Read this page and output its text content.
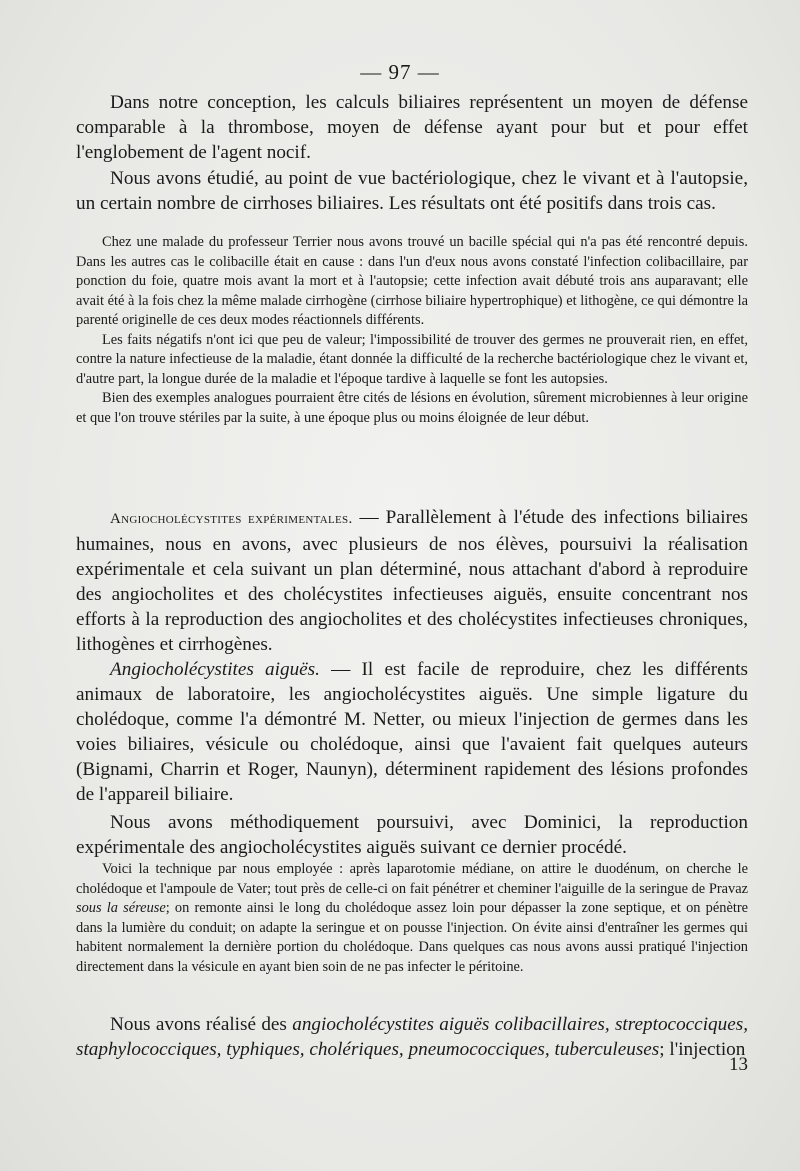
— 97 —

Dans notre conception, les calculs biliaires représentent un moyen de défense comparable à la thrombose, moyen de défense ayant pour but et pour effet l'englobement de l'agent nocif.

Nous avons étudié, au point de vue bactériologique, chez le vivant et à l'autopsie, un certain nombre de cirrhoses biliaires. Les résultats ont été positifs dans trois cas.

Chez une malade du professeur Terrier nous avons trouvé un bacille spécial qui n'a pas été rencontré depuis. Dans les autres cas le colibacille était en cause : dans l'un d'eux nous avons constaté l'infection colibacillaire, par ponction du foie, quatre mois avant la mort et à l'autopsie; cette infection avait débuté trois ans auparavant; elle avait été à la fois chez la même malade cirrhogène (cirrhose biliaire hypertrophique) et lithogène, ce qui démontre la parenté originelle de ces deux modes réactionnels différents.

Les faits négatifs n'ont ici que peu de valeur; l'impossibilité de trouver des germes ne prouverait rien, en effet, contre la nature infectieuse de la maladie, étant donnée la difficulté de la recherche bactériologique chez le vivant et, d'autre part, la longue durée de la maladie et l'époque tardive à laquelle se font les autopsies.

Bien des exemples analogues pourraient être cités de lésions en évolution, sûrement microbiennes à leur origine et que l'on trouve stériles par la suite, à une époque plus ou moins éloignée de leur début.

Angiocholécystites expérimentales. — Parallèlement à l'étude des infections biliaires humaines, nous en avons, avec plusieurs de nos élèves, poursuivi la réalisation expérimentale et cela suivant un plan déterminé, nous attachant d'abord à reproduire des angiocholites et des cholécystites infectieuses aiguës, ensuite concentrant nos efforts à la reproduction des angiocholites et des cholécystites infectieuses chroniques, lithogènes et cirrhogènes.

Angiocholécystites aiguës. — Il est facile de reproduire, chez les différents animaux de laboratoire, les angiocholécystites aiguës. Une simple ligature du cholédoque, comme l'a démontré M. Netter, ou mieux l'injection de germes dans les voies biliaires, vésicule ou cholédoque, ainsi que l'avaient fait quelques auteurs (Bignami, Charrin et Roger, Naunyn), déterminent rapidement des lésions profondes de l'appareil biliaire.

Nous avons méthodiquement poursuivi, avec Dominici, la reproduction expérimentale des angiocholécystites aiguës suivant ce dernier procédé.

Voici la technique par nous employée : après laparotomie médiane, on attire le duodénum, on cherche le cholédoque et l'ampoule de Vater; tout près de celle-ci on fait pénétrer et cheminer l'aiguille de la seringue de Pravaz sous la séreuse; on remonte ainsi le long du cholédoque assez loin pour dépasser la zone septique, et on pénètre dans la lumière du conduit; on adapte la seringue et on pousse l'injection. On évite ainsi d'entraîner les germes qui habitent normalement la dernière portion du cholédoque. Dans quelques cas nous avons aussi pratiqué l'injection directement dans la vésicule en ayant bien soin de ne pas infecter le péritoine.

Nous avons réalisé des angiocholécystites aiguës colibacillaires, streptococciques, staphylococciques, typhiques, cholériques, pneumococciques, tuberculeuses; l'injection

13
